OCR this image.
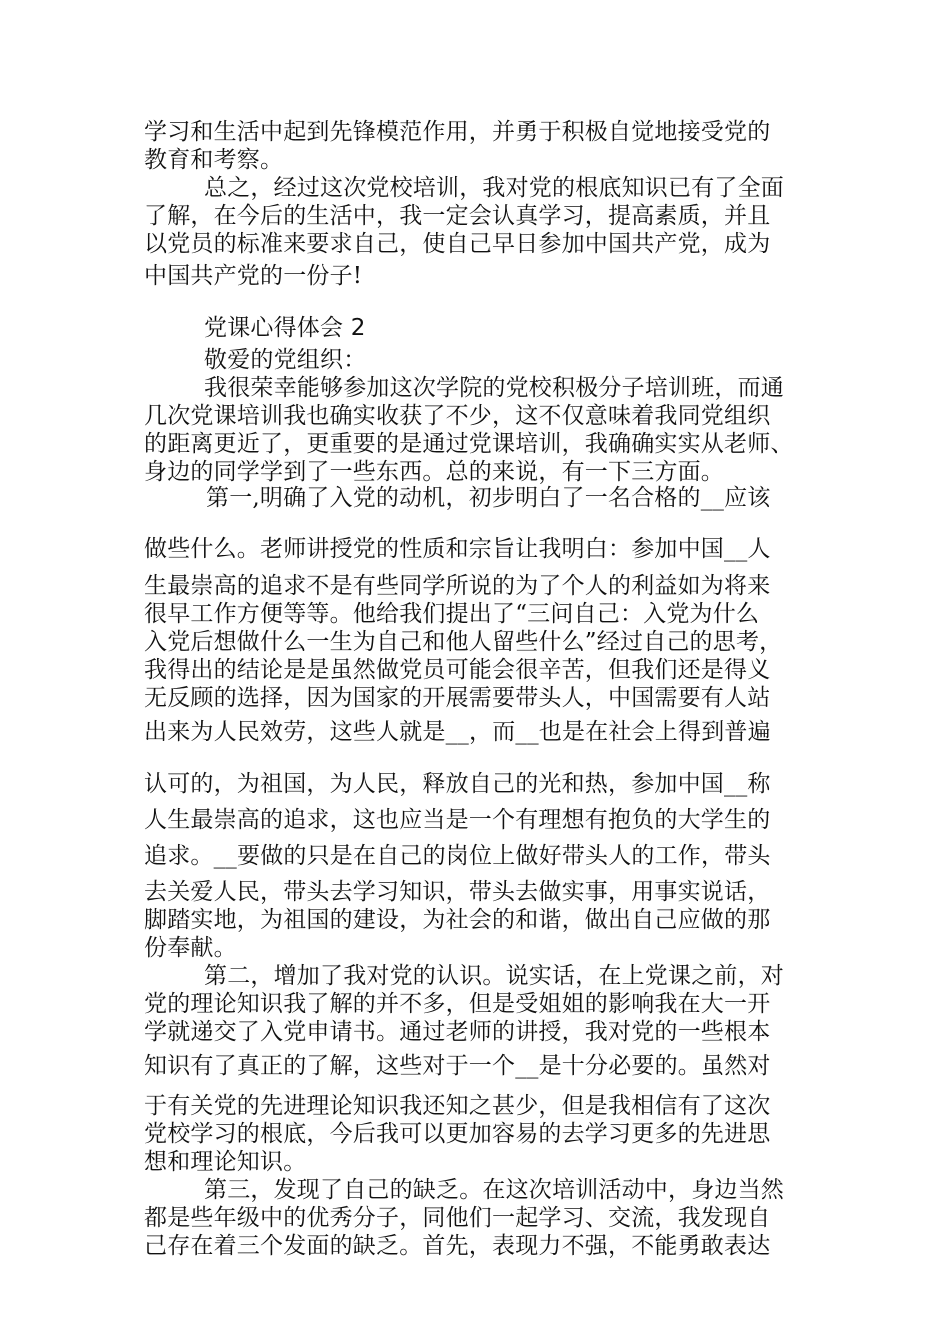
学习和生活中起到先锋模范作用，并勇于积极自觉地接受党的
教育和考察。
总之，经过这次党校培训，我对党的根底知识已有了全面
了解，在今后的生活中，我一定会认真学习，提高素质，并且
以党员的标准来要求自己，使自己早日参加中国共产党，成为
中国共产党的一份子!
党课心得体会 2
敬爱的党组织：
我很荣幸能够参加这次学院的党校积极分子培训班，而通
几次党课培训我也确实收获了不少，这不仅意味着我同党组织
的距离更近了，更重要的是通过党课培训，我确确实实从老师、
身边的同学学到了一些东西。总的来说，有一下三方面。
第一,明确了入党的动机，初步明白了一名合格的__应该
做些什么。老师讲授党的性质和宗旨让我明白：参加中国__人
生最崇高的追求不是有些同学所说的为了个人的利益如为将来
很早工作方便等等。他给我们提出了“三问自己：入党为什么
入党后想做什么一生为自己和他人留些什么”经过自己的思考，
我得出的结论是是虽然做党员可能会很辛苦，但我们还是得义
无反顾的选择，因为国家的开展需要带头人，中国需要有人站
出来为人民效劳，这些人就是__，而__也是在社会上得到普遍
认可的，为祖国，为人民，释放自己的光和热，参加中国__称
人生最崇高的追求，这也应当是一个有理想有抱负的大学生的
追求。__要做的只是在自己的岗位上做好带头人的工作，带头
去关爱人民，带头去学习知识，带头去做实事，用事实说话，
脚踏实地，为祖国的建设，为社会的和谐，做出自己应做的那
份奉献。
第二，增加了我对党的认识。说实话，在上党课之前，对
党的理论知识我了解的并不多，但是受姐姐的影响我在大一开
学就递交了入党申请书。通过老师的讲授，我对党的一些根本
知识有了真正的了解，这些对于一个__是十分必要的。虽然对
于有关党的先进理论知识我还知之甚少，但是我相信有了这次
党校学习的根底，今后我可以更加容易的去学习更多的先进思
想和理论知识。
第三，发现了自己的缺乏。在这次培训活动中，身边当然
都是些年级中的优秀分子，同他们一起学习、交流，我发现自
己存在着三个发面的缺乏。首先，表现力不强，不能勇敢表达
